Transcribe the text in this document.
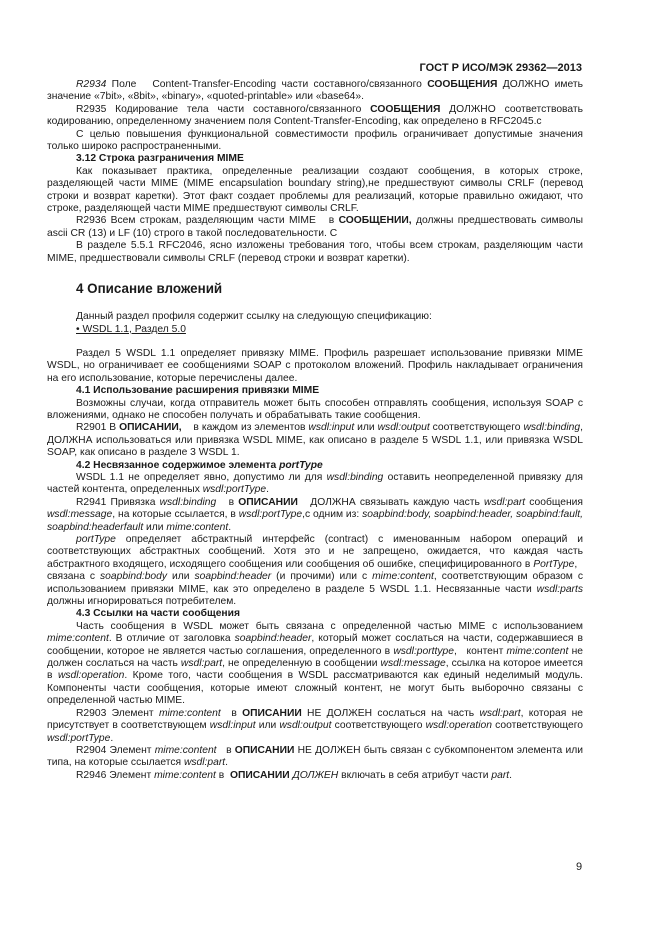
ГОСТ Р ИСО/МЭК 29362—2013

R2934 Поле   Content-Transfer-Encoding части составного/связанного СООБЩЕНИЯ ДОЛЖНО иметь значение «7bit», «8bit», «binary», «quoted-printable» или «base64».

R2935 Кодирование тела части составного/связанного СООБЩЕНИЯ ДОЛЖНО соответствовать кодированию, определенному значением поля Content-Transfer-Encoding, как определено в RFC2045.с

С целью повышения функциональной совместимости профиль ограничивает допустимые значения только широко распространенными.

3.12 Строка разграничения MIME

Как показывает практика, определенные реализации создают сообщения, в которых строке, разделяющей части MIME (MIME encapsulation boundary string),не предшествуют символы CRLF (перевод строки и возврат каретки). Этот факт создает проблемы для реализаций, которые правильно ожидают, что строке, разделяющей части MIME предшествуют символы CRLF.

R2936 Всем строкам, разделяющим части MIME   в СООБЩЕНИИ, должны предшествовать символы ascii CR (13) и LF (10) строго в такой последовательности. С

В разделе 5.5.1 RFC2046, ясно изложены требования того, чтобы всем строкам, разделяющим части MIME, предшествовали символы CRLF (перевод строки и возврат каретки).

4 Описание вложений

Данный раздел профиля содержит ссылку на следующую спецификацию:

• WSDL 1.1, Раздел 5.0

Раздел 5 WSDL 1.1 определяет привязку MIME. Профиль разрешает использование привязки MIME WSDL, но ограничивает ее сообщениями SOAP с протоколом вложений. Профиль накладывает ограничения на его использование, которые перечислены далее.

4.1 Использование расширения привязки MIME

Возможны случаи, когда отправитель может быть способен отправлять сообщения, используя SOAP с вложениями, однако не способен получать и обрабатывать такие сообщения.

R2901 В ОПИСАНИИ,    в каждом из элементов wsdl:input или wsdl:output соответствующего wsdl:binding, ДОЛЖНА использоваться или привязка WSDL MIME, как описано в разделе 5 WSDL 1.1, или привязка WSDL SOAP, как описано в разделе 3 WSDL 1.

4.2 Несвязанное содержимое элемента portType

WSDL 1.1 не определяет явно, допустимо ли для wsdl:binding оставить неопределенной привязку для частей контента, определенных wsdl:portType.

R2941 Привязка wsdl:binding   в ОПИСАНИИ   ДОЛЖНА связывать каждую часть wsdl:part сообщения wsdl:message, на которые ссылается, в wsdl:portType,с одним из: soapbind:body, soapbind:header, soapbind:fault, soapbind:headerfault или mime:content.

portType определяет абстрактный интерфейс (contract) с именованным набором операций и соответствующих абстрактных сообщений. Хотя это и не запрещено, ожидается, что каждая часть абстрактного входящего, исходящего сообщения или сообщения об ошибке, специфицированного в PortType,   связана с soapbind:body или soapbind:header (и прочими) или с mime:content, соответствующим образом с использованием привязки MIME, как это определено в разделе 5 WSDL 1.1. Несвязанные части wsdl:parts должны игнорироваться потребителем.

4.3 Ссылки на части сообщения

Часть сообщения в WSDL может быть связана с определенной частью MIME с использованием mime:content. В отличие от заголовка soapbind:header, который может сослаться на части, содержавшиеся в сообщении, которое не является частью соглашения, определенного в wsdl:porttype,   контент mime:content не должен сослаться на часть wsdl:part, не определенную в сообщении wsdl:message, ссылка на которое имеется в wsdl:operation. Кроме того, части сообщения в WSDL рассматриваются как единый неделимый модуль. Компоненты части сообщения, которые имеют сложный контент, не могут быть выборочно связаны с определенной частью MIME.

R2903 Элемент mime:content  в ОПИСАНИИ НЕ ДОЛЖЕН сослаться на часть wsdl:part, которая не присутствует в соответствующем wsdl:input или wsdl:output соответствующего wsdl:operation соответствующего wsdl:portType.

R2904 Элемент mime:content   в ОПИСАНИИ НЕ ДОЛЖЕН быть связан с субкомпонентом элемента или типа, на которые ссылается wsdl:part.

R2946 Элемент mime:content в  ОПИСАНИИ ДОЛЖЕН включать в себя атрибут части part.

9
